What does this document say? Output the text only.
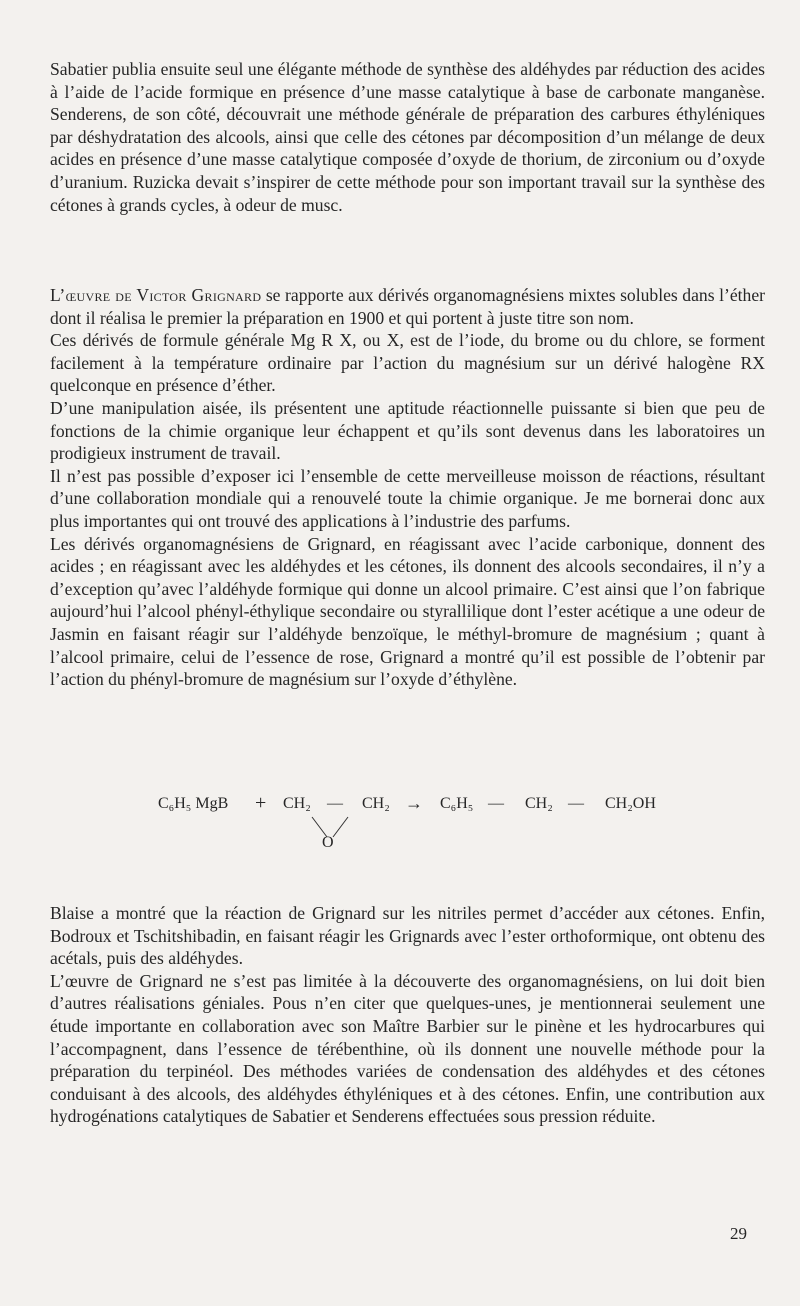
Sabatier publia ensuite seul une élégante méthode de synthèse des aldéhydes par réduction des acides à l’aide de l’acide formique en présence d’une masse catalytique à base de carbonate manganèse. Senderens, de son côté, découvrait une méthode générale de préparation des carbures éthyléniques par déshydratation des alcools, ainsi que celle des cétones par décomposition d’un mélange de deux acides en présence d’une masse catalytique composée d’oxyde de thorium, de zirconium ou d’oxyde d’uranium. Ruzicka devait s’inspirer de cette méthode pour son important travail sur la synthèse des cétones à grands cycles, à odeur de musc.

L’œuvre de Victor Grignard se rapporte aux dérivés organomagnésiens mixtes solubles dans l’éther dont il réalisa le premier la préparation en 1900 et qui portent à juste titre son nom.

Ces dérivés de formule générale Mg R X, ou X, est de l’iode, du brome ou du chlore, se forment facilement à la température ordinaire par l’action du magnésium sur un dérivé halogène RX quelconque en présence d’éther.

D’une manipulation aisée, ils présentent une aptitude réactionnelle puissante si bien que peu de fonctions de la chimie organique leur échappent et qu’ils sont devenus dans les laboratoires un prodigieux instrument de travail.

Il n’est pas possible d’exposer ici l’ensemble de cette merveilleuse moisson de réactions, résultant d’une collaboration mondiale qui a renouvelé toute la chimie organique. Je me bornerai donc aux plus importantes qui ont trouvé des applications à l’industrie des parfums.

Les dérivés organomagnésiens de Grignard, en réagissant avec l’acide carbonique, donnent des acides ; en réagissant avec les aldéhydes et les cétones, ils donnent des alcools secondaires, il n’y a d’exception qu’avec l’aldéhyde formique qui donne un alcool primaire. C’est ainsi que l’on fabrique aujourd’hui l’alcool phényl-éthylique secondaire ou styrallilique dont l’ester acétique a une odeur de Jasmin en faisant réagir sur l’aldéhyde benzoïque, le méthyl-bromure de magnésium ; quant à l’alcool primaire, celui de l’essence de rose, Grignard a montré qu’il est possible de l’obtenir par l’action du phényl-bromure de magnésium sur l’oxyde d’éthylène.

C₆H₅ MgB + CH₂ — CH₂ → C₆H₅ — CH₂ — CH₂OH
O

Blaise a montré que la réaction de Grignard sur les nitriles permet d’accéder aux cétones. Enfin, Bodroux et Tschitshibadin, en faisant réagir les Grignards avec l’ester orthoformique, ont obtenu des acétals, puis des aldéhydes.

L’œuvre de Grignard ne s’est pas limitée à la découverte des organomagnésiens, on lui doit bien d’autres réalisations géniales. Pous n’en citer que quelques-unes, je mentionnerai seulement une étude importante en collaboration avec son Maître Barbier sur le pinène et les hydrocarbures qui l’accompagnent, dans l’essence de térébenthine, où ils donnent une nouvelle méthode pour la préparation du terpinéol. Des méthodes variées de condensation des aldéhydes et des cétones conduisant à des alcools, des aldéhydes éthyléniques et à des cétones. Enfin, une contribution aux hydrogénations catalytiques de Sabatier et Senderens effectuées sous pression réduite.

29
